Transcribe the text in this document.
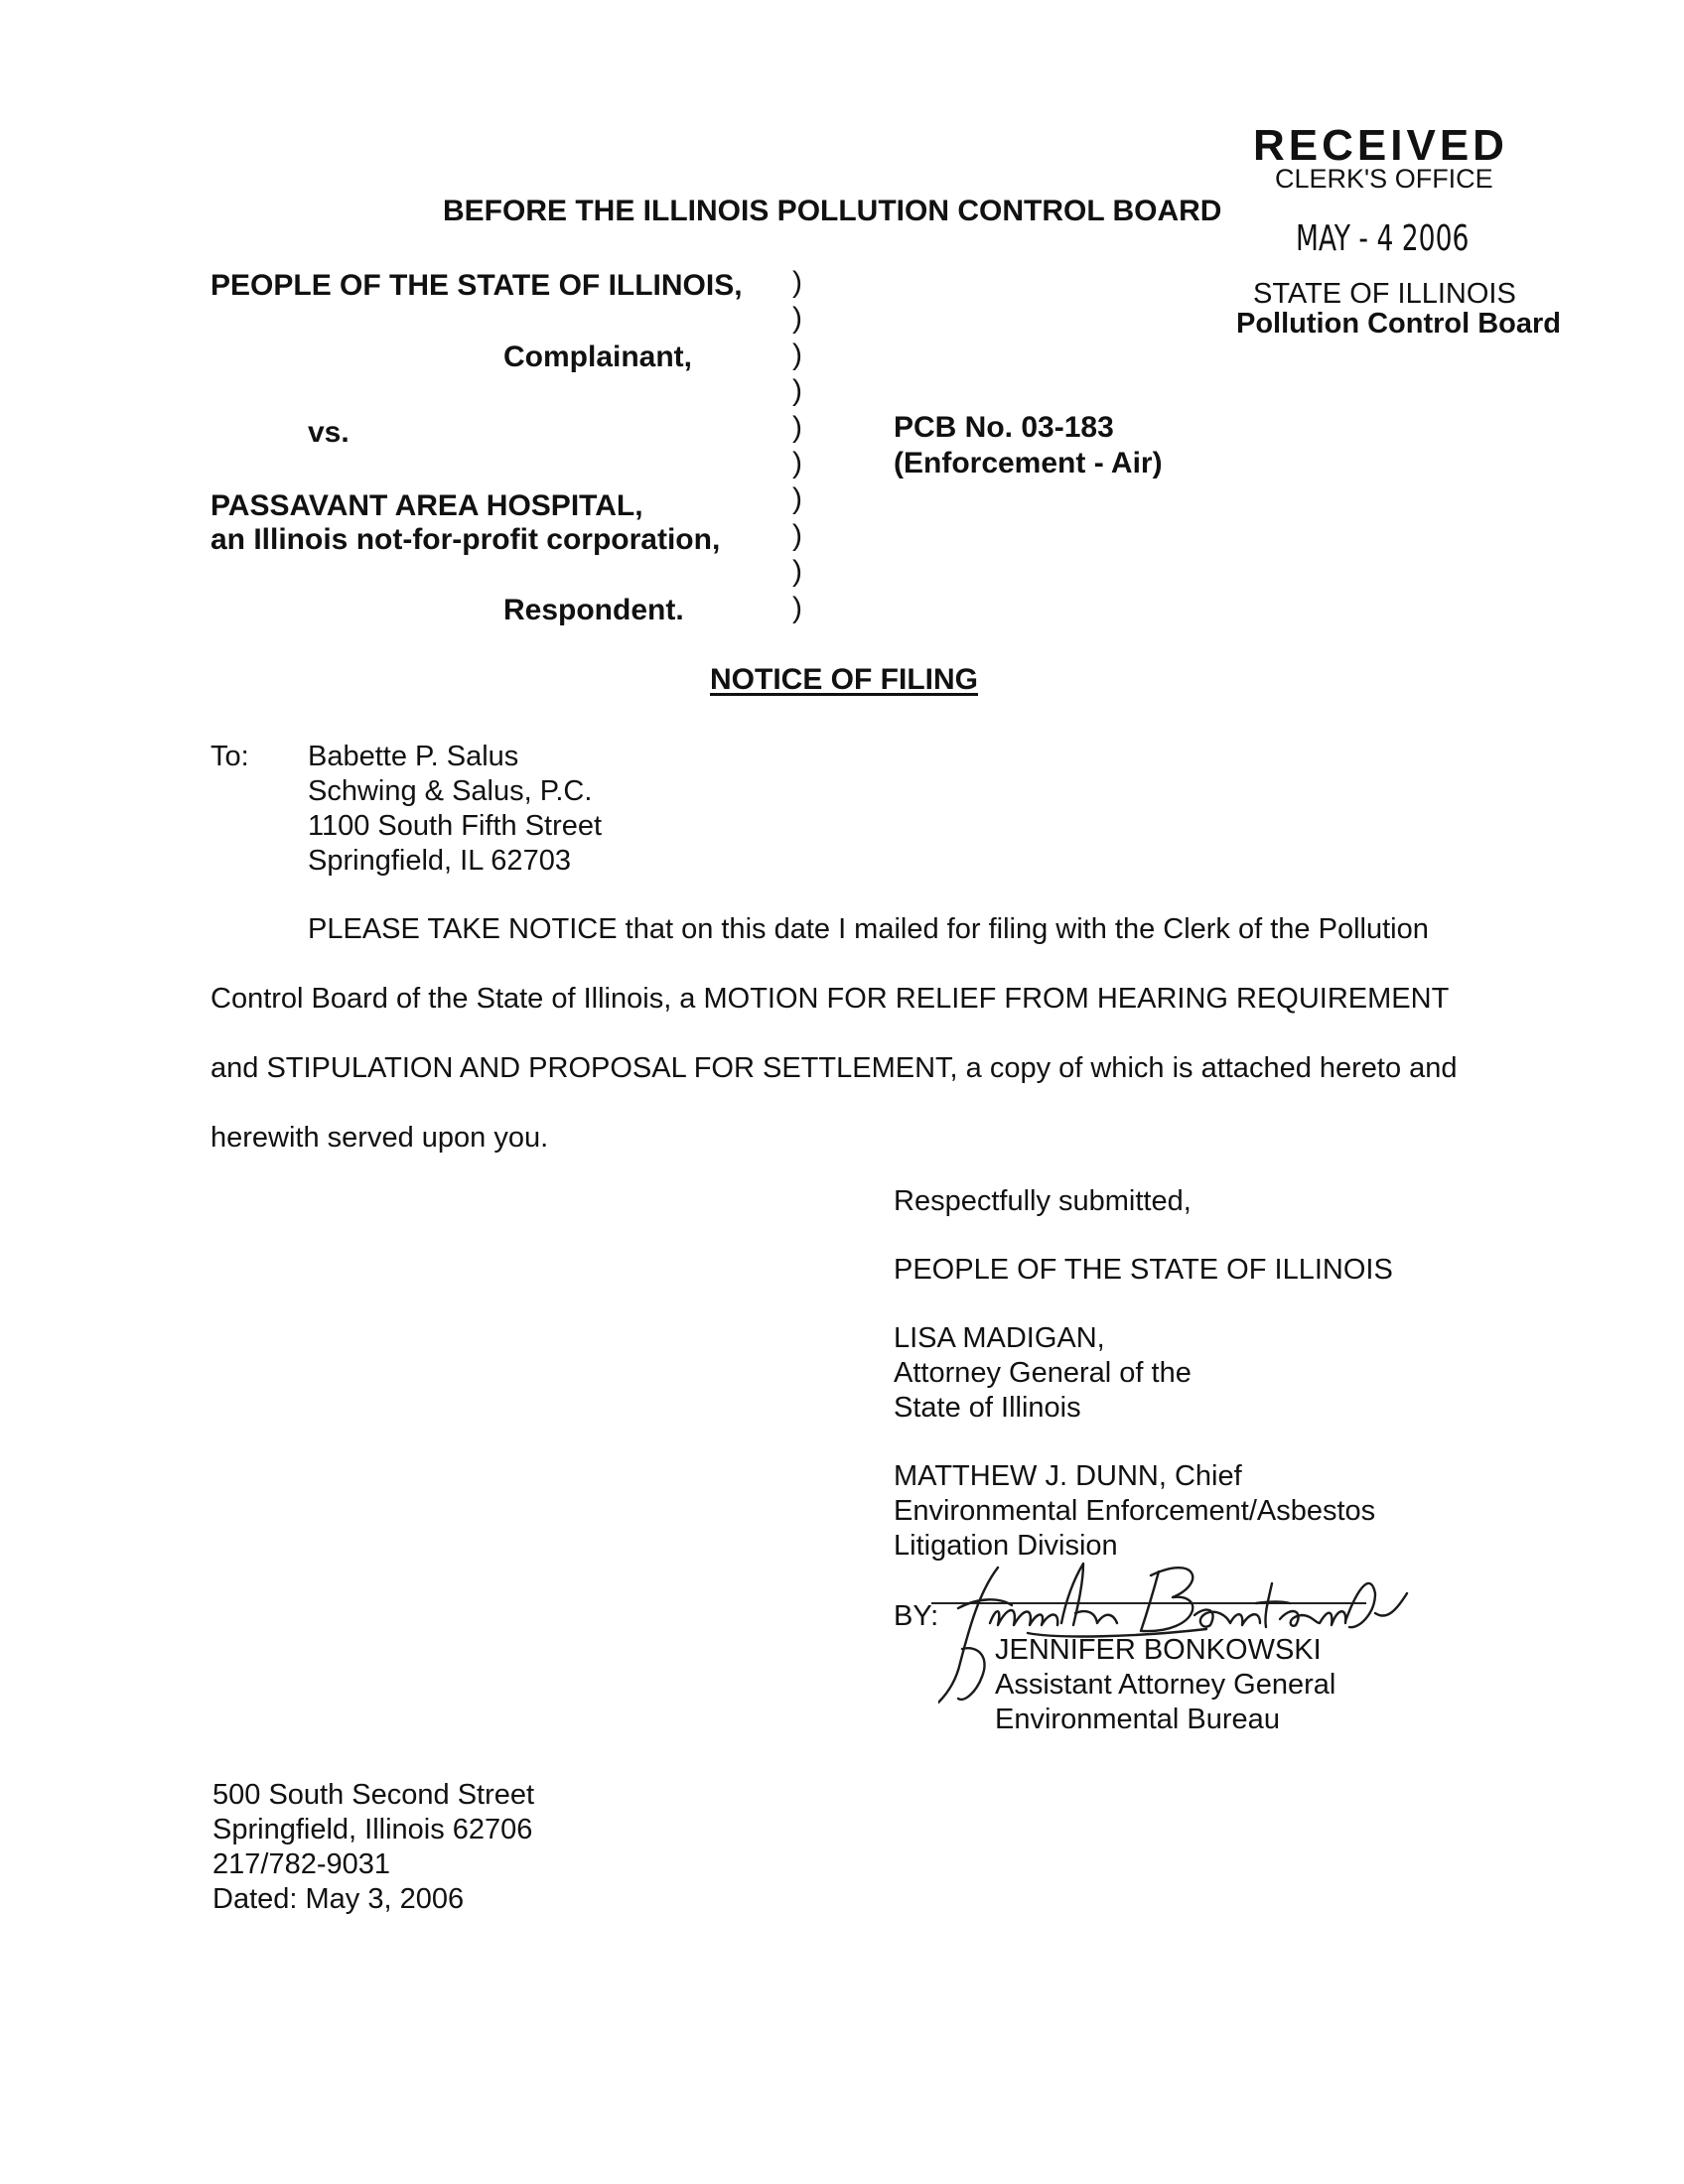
RECEIVED
CLERK'S OFFICE
MAY - 4 2006
STATE OF ILLINOIS
Pollution Control Board
BEFORE THE ILLINOIS POLLUTION CONTROL BOARD
PEOPLE OF THE STATE OF ILLINOIS,
Complainant,
vs.
PASSAVANT AREA HOSPITAL,
an Illinois not-for-profit corporation,
Respondent.
)
)
)
)
)
)
)
)
)
)
PCB No. 03-183
(Enforcement - Air)
NOTICE OF FILING
To: Babette P. Salus
Schwing & Salus, P.C.
1100 South Fifth Street
Springfield, IL 62703
PLEASE TAKE NOTICE that on this date I mailed for filing with the Clerk of the Pollution
Control Board of the State of Illinois, a MOTION FOR RELIEF FROM HEARING REQUIREMENT
and STIPULATION AND PROPOSAL FOR SETTLEMENT, a copy of which is attached hereto and
herewith served upon you.
Respectfully submitted,
PEOPLE OF THE STATE OF ILLINOIS
LISA MADIGAN,
Attorney General of the
State of Illinois
MATTHEW J. DUNN, Chief
Environmental Enforcement/Asbestos
Litigation Division
BY:
JENNIFER BONKOWSKI
Assistant Attorney General
Environmental Bureau
500 South Second Street
Springfield, Illinois 62706
217/782-9031
Dated: May 3, 2006
